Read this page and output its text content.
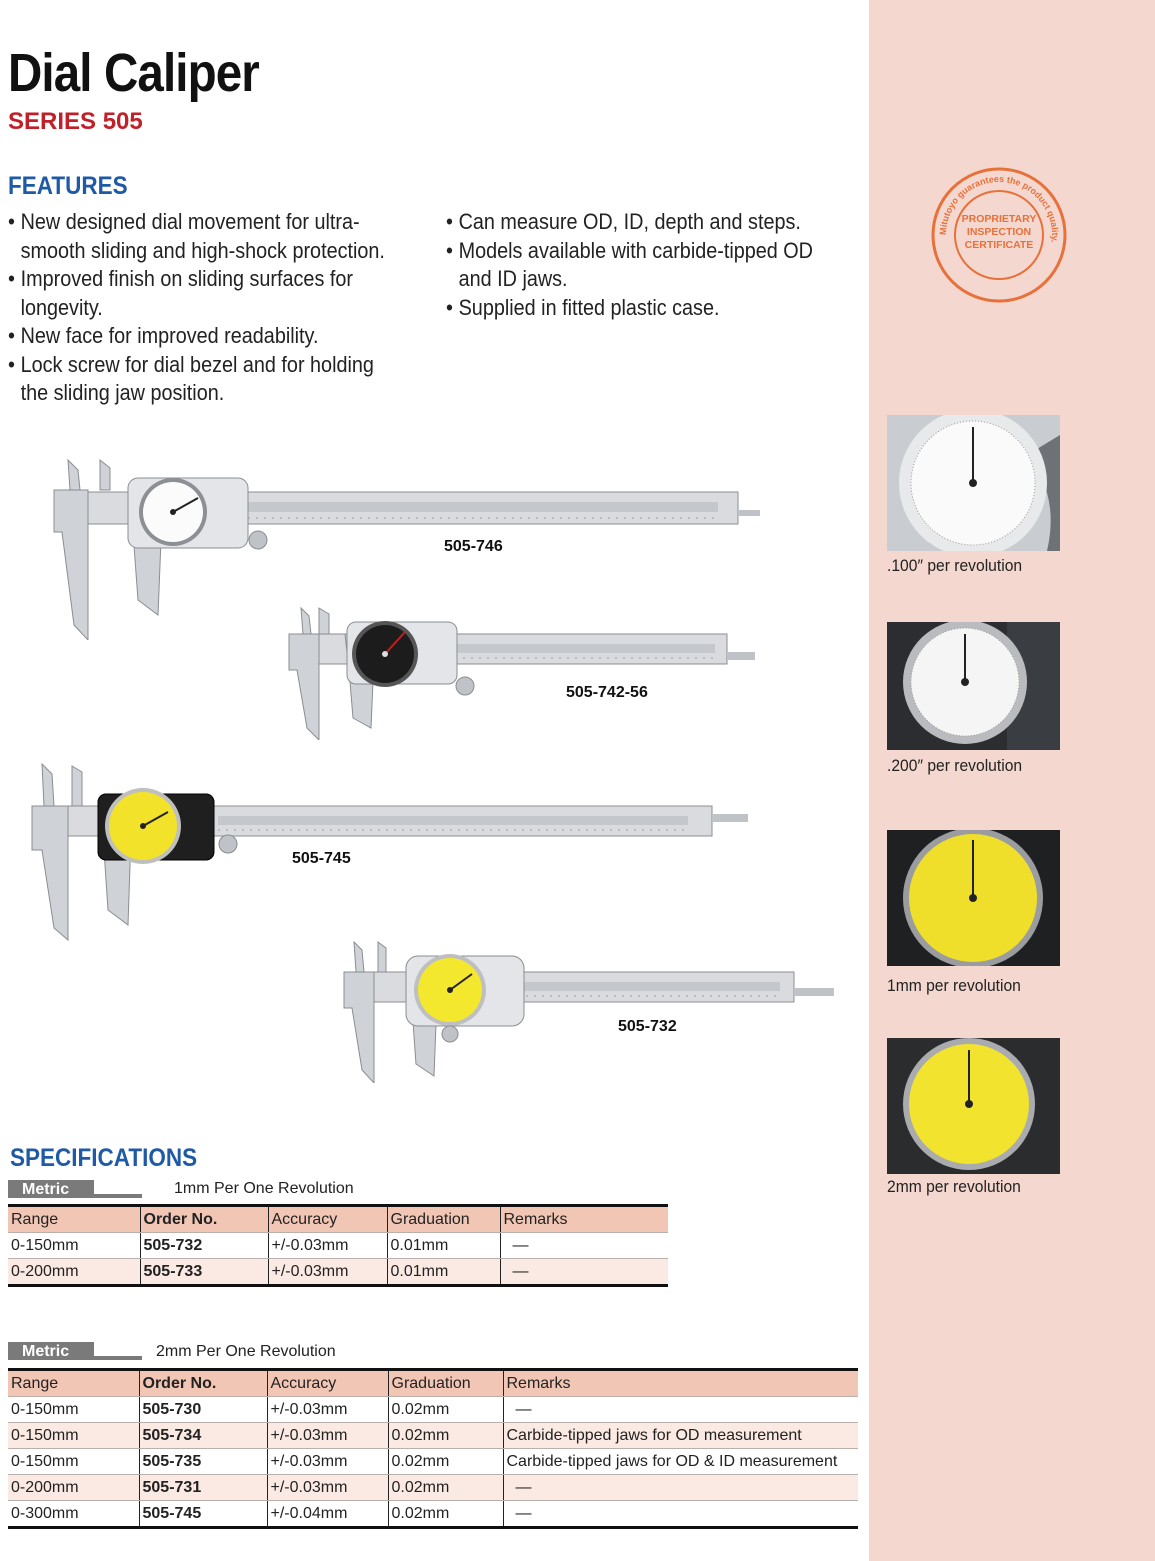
Dial Caliper
SERIES 505
FEATURES
• New designed dial movement for ultra-smooth sliding and high-shock protection.
• Improved finish on sliding surfaces for longevity.
• New face for improved readability.
• Lock screw for dial bezel and for holding the sliding jaw position.
• Can measure OD, ID, depth and steps.
• Models available with carbide-tipped OD and ID jaws.
• Supplied in fitted plastic case.
Mitutoyo guarantees the product quality.
PROPRIETARY
INSPECTION
CERTIFICATE
505-746
505-742-56
505-745
505-732
.100″ per revolution
.200″ per revolution
1mm per revolution
2mm per revolution
SPECIFICATIONS
Metric	1mm Per One Revolution
Range	Order No.	Accuracy	Graduation	Remarks
0-150mm	505-732	+/-0.03mm	0.01mm	—
0-200mm	505-733	+/-0.03mm	0.01mm	—
Metric	2mm Per One Revolution
Range	Order No.	Accuracy	Graduation	Remarks
0-150mm	505-730	+/-0.03mm	0.02mm	—
0-150mm	505-734	+/-0.03mm	0.02mm	Carbide-tipped jaws for OD measurement
0-150mm	505-735	+/-0.03mm	0.02mm	Carbide-tipped jaws for OD & ID measurement
0-200mm	505-731	+/-0.03mm	0.02mm	—
0-300mm	505-745	+/-0.04mm	0.02mm	—
